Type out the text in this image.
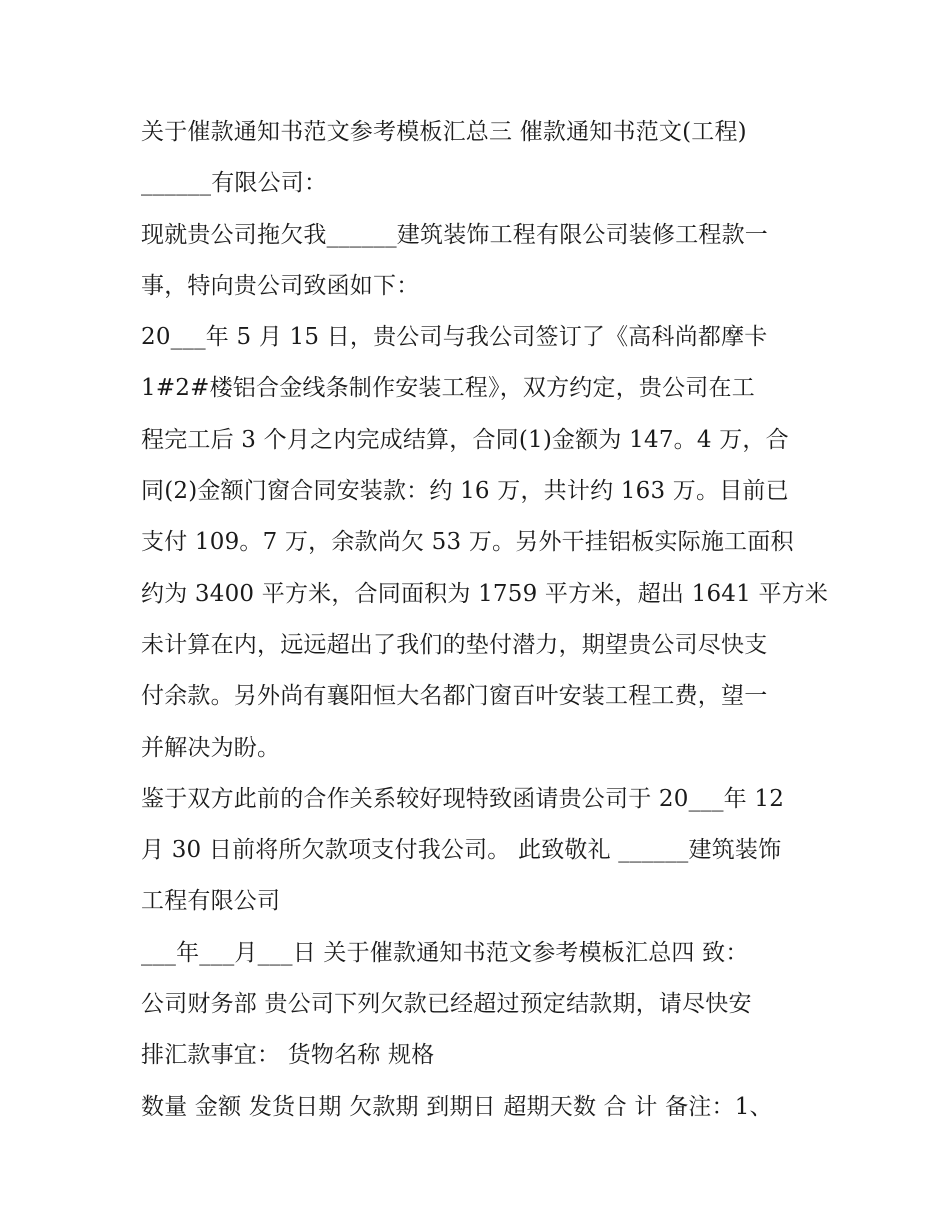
关于催款通知书范文参考模板汇总三 催款通知书范文(工程)
______有限公司：
现就贵公司拖欠我______建筑装饰工程有限公司装修工程款一
事，特向贵公司致函如下：
20___年 5 月 15 日，贵公司与我公司签订了《高科尚都摩卡
1#2#楼铝合金线条制作安装工程》，双方约定，贵公司在工
程完工后 3 个月之内完成结算，合同(1)金额为 147。4 万，合
同(2)金额门窗合同安装款：约 16 万，共计约 163 万。目前已
支付 109。7 万，余款尚欠 53 万。另外干挂铝板实际施工面积
约为 3400 平方米，合同面积为 1759 平方米，超出 1641 平方米
未计算在内，远远超出了我们的垫付潜力，期望贵公司尽快支
付余款。另外尚有襄阳恒大名都门窗百叶安装工程工费，望一
并解决为盼。
鉴于双方此前的合作关系较好现特致函请贵公司于 20___年 12
月 30 日前将所欠款项支付我公司。 此致敬礼 ______建筑装饰
工程有限公司
___年___月___日 关于催款通知书范文参考模板汇总四 致：
公司财务部 贵公司下列欠款已经超过预定结款期，请尽快安
排汇款事宜： 货物名称 规格
数量 金额 发货日期 欠款期 到期日 超期天数 合 计 备注：1、
